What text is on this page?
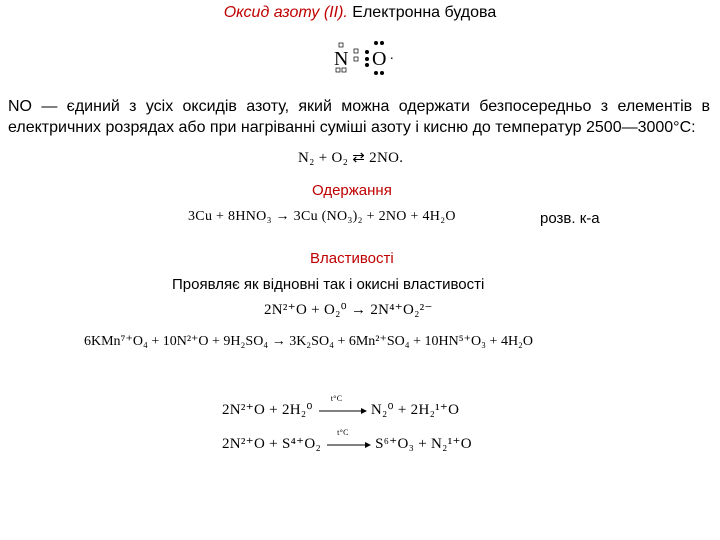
Оксид азоту (II). Електронна будова
N O .
NO — єдиний з усіх оксидів азоту, який можна одержати безпосередньо з елементів в електричних розрядах або при нагріванні суміші азоту і кисню до температур 2500—3000°С:
N₂ + O₂ ⇄ 2NO.
Одержання
3Cu + 8HNO₃ → 3Cu (NO₃)₂ + 2NO + 4H₂O	розв. к-а
Властивості
Проявляє як відновні так і окисні властивості
2N²⁺O + O₂⁰ → 2N⁴⁺O₂²⁻
6KMn⁷⁺O₄ + 10N²⁺O + 9H₂SO₄ → 3K₂SO₄ + 6Mn²⁺SO₄ + 10HN⁵⁺O₃ + 4H₂O
2N²⁺O + 2H₂⁰
t°C
N₂⁰ + 2H₂¹⁺O
2N²⁺O + S⁴⁺O₂
t°C
S⁶⁺O₃ + N₂¹⁺O
